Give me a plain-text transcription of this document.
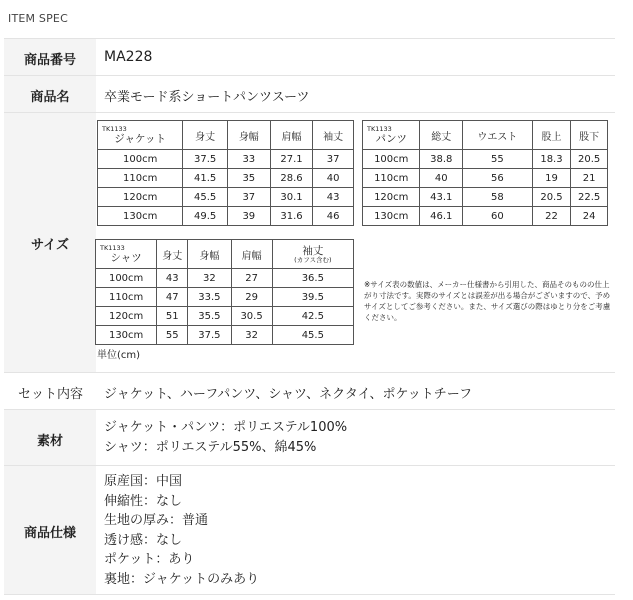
ITEM SPEC
商品番号	MA228
商品名	卒業モード系ショートパンツスーツ
サイズ
TK1133
ジャケット	身丈	身幅	肩幅	袖丈
100cm	37.5	33	27.1	37
110cm	41.5	35	28.6	40
120cm	45.5	37	30.1	43
130cm	49.5	39	31.6	46
TK1133
パンツ	総丈	ウエスト	股上	股下
100cm	38.8	55	18.3	20.5
110cm	40	56	19	21
120cm	43.1	58	20.5	22.5
130cm	46.1	60	22	24
TK1133
シャツ	身丈	身幅	肩幅	袖丈
(カフス含む)

100cm	43	32	27	36.5
110cm	47	33.5	29	39.5
120cm	51	35.5	30.5	42.5
130cm	55	37.5	32	45.5
単位(cm)
※サイズ表の数値は、メーカー仕様書から引用した、商品そのものの仕上がり寸法です。実際のサイズとは誤差が出る場合がございますので、予めサイズとしてご参考ください。また、サイズ選びの際はゆとり分をご考慮ください。
セット内容 ジャケット、ハーフパンツ、シャツ、ネクタイ、ポケットチーフ
素材
ジャケット・パンツ：ポリエステル100%
シャツ：ポリエステル55%、綿45%
商品仕様
原産国：中国
伸縮性：なし
生地の厚み：普通
透け感：なし
ポケット：あり
裏地：ジャケットのみあり
